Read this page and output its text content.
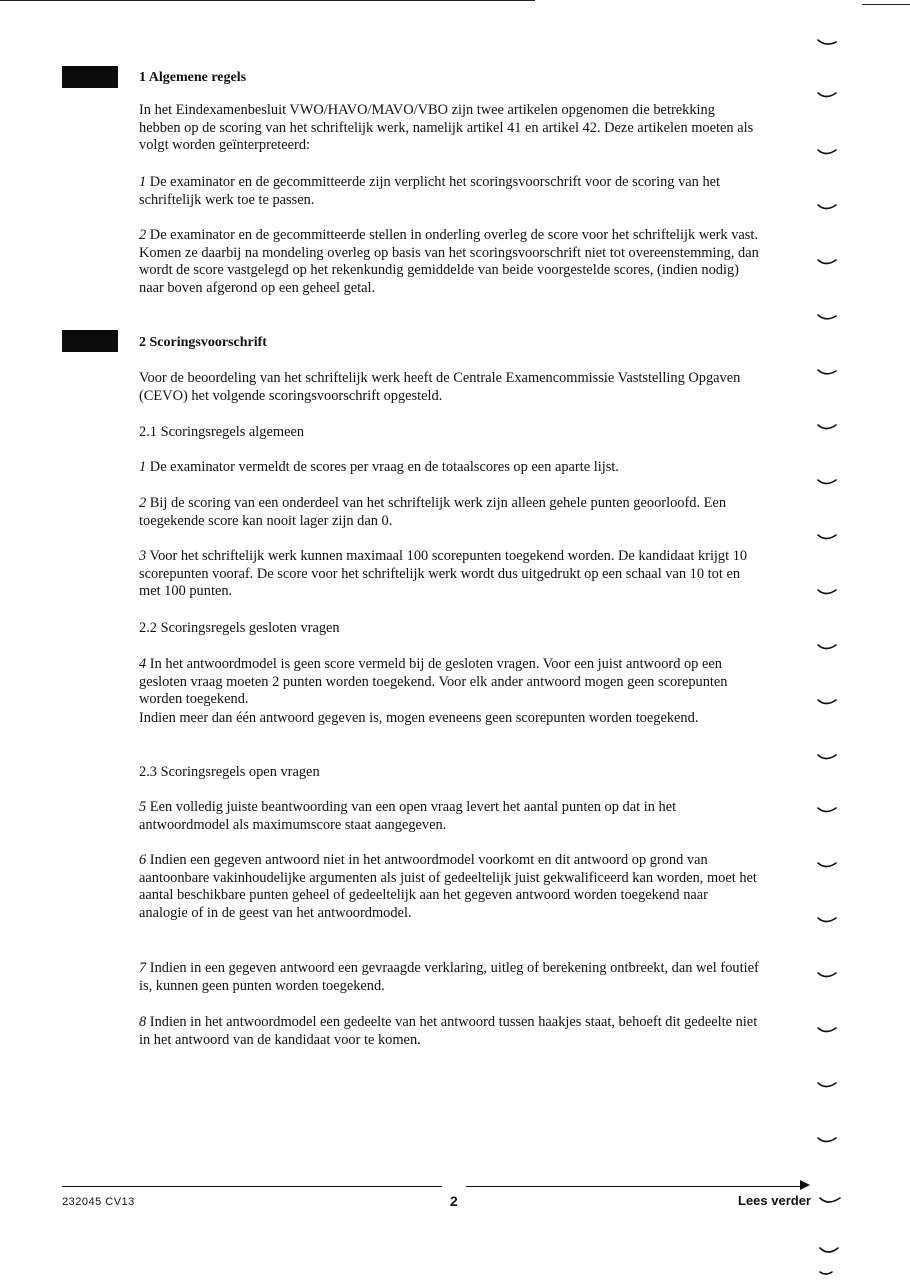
1 Algemene regels

In het Eindexamenbesluit VWO/HAVO/MAVO/VBO zijn twee artikelen opgenomen die betrekking hebben op de scoring van het schriftelijk werk, namelijk artikel 41 en artikel 42. Deze artikelen moeten als volgt worden geïnterpreteerd:

1 De examinator en de gecommitteerde zijn verplicht het scoringsvoorschrift voor de scoring van het schriftelijk werk toe te passen.

2 De examinator en de gecommitteerde stellen in onderling overleg de score voor het schriftelijk werk vast. Komen ze daarbij na mondeling overleg op basis van het scoringsvoorschrift niet tot overeenstemming, dan wordt de score vastgelegd op het rekenkundig gemiddelde van beide voorgestelde scores, (indien nodig) naar boven afgerond op een geheel getal.

2 Scoringsvoorschrift

Voor de beoordeling van het schriftelijk werk heeft de Centrale Examencommissie Vaststelling Opgaven (CEVO) het volgende scoringsvoorschrift opgesteld.

2.1 Scoringsregels algemeen

1 De examinator vermeldt de scores per vraag en de totaalscores op een aparte lijst.

2 Bij de scoring van een onderdeel van het schriftelijk werk zijn alleen gehele punten geoorloofd. Een toegekende score kan nooit lager zijn dan 0.

3 Voor het schriftelijk werk kunnen maximaal 100 scorepunten toegekend worden. De kandidaat krijgt 10 scorepunten vooraf. De score voor het schriftelijk werk wordt dus uitgedrukt op een schaal van 10 tot en met 100 punten.

2.2 Scoringsregels gesloten vragen

4 In het antwoordmodel is geen score vermeld bij de gesloten vragen. Voor een juist antwoord op een gesloten vraag moeten 2 punten worden toegekend. Voor elk ander antwoord mogen geen scorepunten worden toegekend.

Indien meer dan één antwoord gegeven is, mogen eveneens geen scorepunten worden toegekend.

2.3 Scoringsregels open vragen

5 Een volledig juiste beantwoording van een open vraag levert het aantal punten op dat in het antwoordmodel als maximumscore staat aangegeven.

6 Indien een gegeven antwoord niet in het antwoordmodel voorkomt en dit antwoord op grond van aantoonbare vakinhoudelijke argumenten als juist of gedeeltelijk juist gekwalificeerd kan worden, moet het aantal beschikbare punten geheel of gedeeltelijk aan het gegeven antwoord worden toegekend naar analogie of in de geest van het antwoordmodel.

7 Indien in een gegeven antwoord een gevraagde verklaring, uitleg of berekening ontbreekt, dan wel foutief is, kunnen geen punten worden toegekend.

8 Indien in het antwoordmodel een gedeelte van het antwoord tussen haakjes staat, behoeft dit gedeelte niet in het antwoord van de kandidaat voor te komen.

232045 CV13	2	Lees verder
